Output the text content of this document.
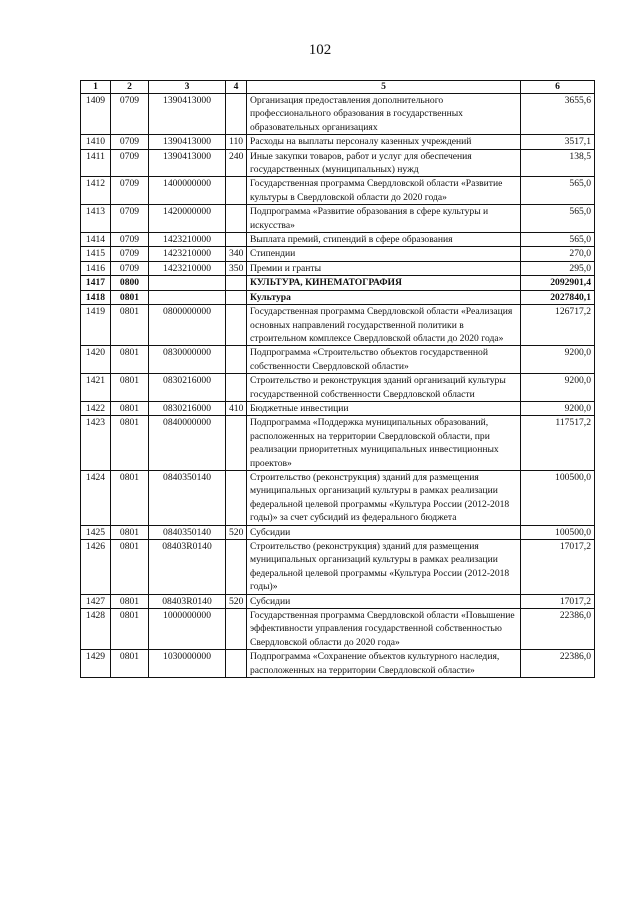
102
1	2	3	4	5	6
1409	0709	1390413000		Организация предоставления дополнительного профессионального образования в государственных образовательных организациях	3655,6
1410	0709	1390413000	110	Расходы на выплаты персоналу казенных учреждений	3517,1
1411	0709	1390413000	240	Иные закупки товаров, работ и услуг для обеспечения государственных (муниципальных) нужд	138,5
1412	0709	1400000000		Государственная программа Свердловской области «Развитие культуры в Свердловской области до 2020 года»	565,0
1413	0709	1420000000		Подпрограмма «Развитие образования в сфере культуры и искусства»	565,0
1414	0709	1423210000		Выплата премий, стипендий в сфере образования	565,0
1415	0709	1423210000	340	Стипендии	270,0
1416	0709	1423210000	350	Премии и гранты	295,0
1417	0800			КУЛЬТУРА, КИНЕМАТОГРАФИЯ	2092901,4
1418	0801			Культура	2027840,1
1419	0801	0800000000		Государственная программа Свердловской области «Реализация основных направлений государственной политики в строительном комплексе Свердловской области до 2020 года»	126717,2
1420	0801	0830000000		Подпрограмма «Строительство объектов государственной собственности Свердловской области»	9200,0
1421	0801	0830216000		Строительство и реконструкция зданий организаций культуры государственной собственности Свердловской области	9200,0
1422	0801	0830216000	410	Бюджетные инвестиции	9200,0
1423	0801	0840000000		Подпрограмма «Поддержка муниципальных образований, расположенных на территории Свердловской области, при реализации приоритетных муниципальных инвестиционных проектов»	117517,2
1424	0801	0840350140		Строительство (реконструкция) зданий для размещения муниципальных организаций культуры в рамках реализации федеральной целевой программы «Культура России (2012-2018 годы)» за счет субсидий из федерального бюджета	100500,0
1425	0801	0840350140	520	Субсидии	100500,0
1426	0801	08403R0140		Строительство (реконструкция) зданий для размещения муниципальных организаций культуры в рамках реализации федеральной целевой программы «Культура России (2012-2018 годы)»	17017,2
1427	0801	08403R0140	520	Субсидии	17017,2
1428	0801	1000000000		Государственная программа Свердловской области «Повышение эффективности управления государственной собственностью Свердловской области до 2020 года»	22386,0
1429	0801	1030000000		Подпрограмма «Сохранение объектов культурного наследия, расположенных на территории Свердловской области»	22386,0
